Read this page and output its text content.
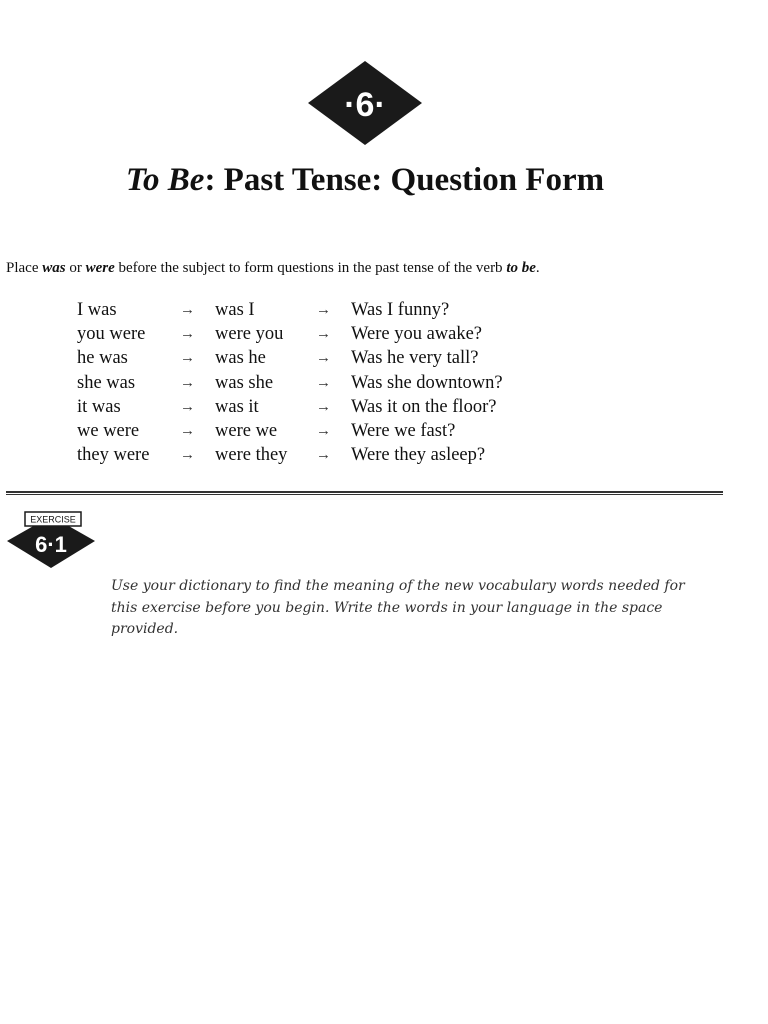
·6·
To Be: Past Tense: Question Form

Place was or were before the subject to form questions in the past tense of the verb to be.

I was	→	was I	→	Was I funny?
you were	→	were you	→	Were you awake?
he was	→	was he	→	Was he very tall?
she was	→	was she	→	Was she downtown?
it was	→	was it	→	Was it on the floor?
we were	→	were we	→	Were we fast?
they were	→	were they	→	Were they asleep?
EXERCISE
6·1

Use your dictionary to find the meaning of the new vocabulary words needed for this exercise before you begin. Write the words in your language in the space provided.
